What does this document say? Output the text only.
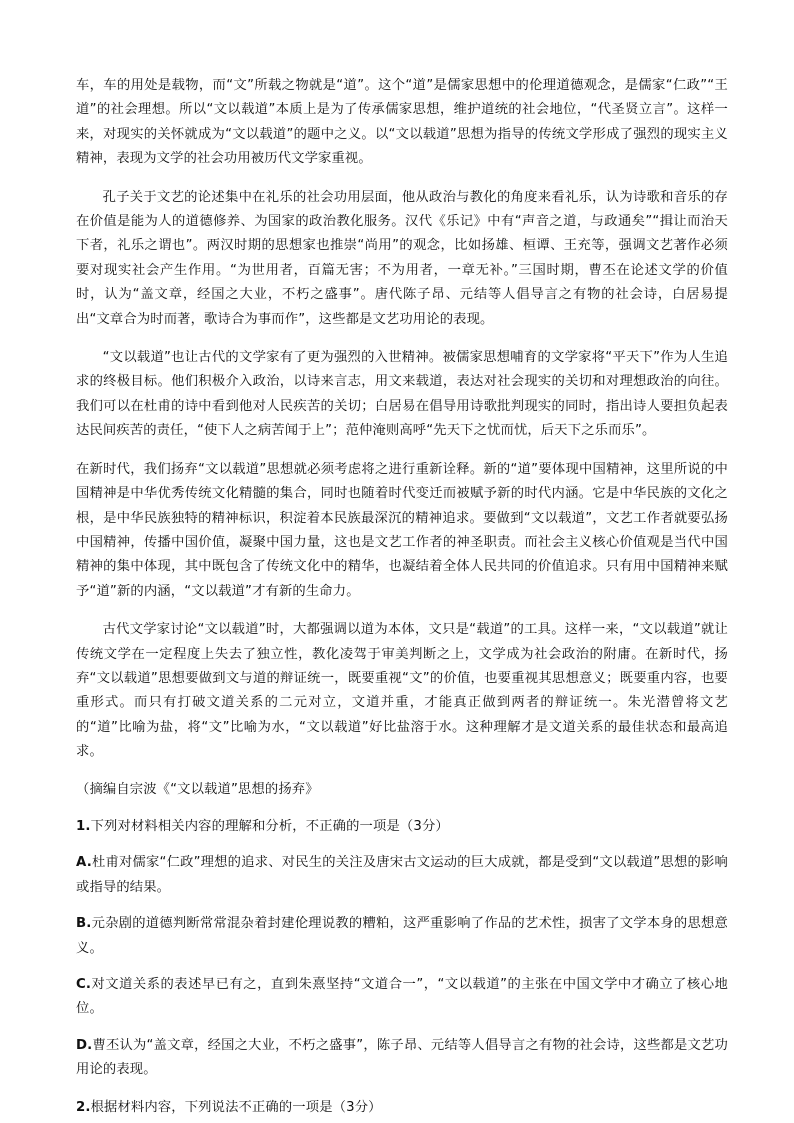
车，车的用处是载物，而“文”所载之物就是“道”。这个“道”是儒家思想中的伦理道德观念，是儒家“仁政”“王道”的社会理想。所以“文以载道”本质上是为了传承儒家思想，维护道统的社会地位，“代圣贤立言”。这样一来，对现实的关怀就成为“文以载道”的题中之义。以“文以载道”思想为指导的传统文学形成了强烈的现实主义精神，表现为文学的社会功用被历代文学家重视。

孔子关于文艺的论述集中在礼乐的社会功用层面，他从政治与教化的角度来看礼乐，认为诗歌和音乐的存在价值是能为人的道德修养、为国家的政治教化服务。汉代《乐记》中有“声音之道，与政通矣”“揖让而治天下者，礼乐之谓也”。两汉时期的思想家也推崇“尚用”的观念，比如扬雄、桓谭、王充等，强调文艺著作必须要对现实社会产生作用。“为世用者，百篇无害；不为用者，一章无补。”三国时期，曹丕在论述文学的价值时，认为“盖文章，经国之大业，不朽之盛事”。唐代陈子昂、元结等人倡导言之有物的社会诗，白居易提出“文章合为时而著，歌诗合为事而作”，这些都是文艺功用论的表现。

“文以载道”也让古代的文学家有了更为强烈的入世精神。被儒家思想哺育的文学家将“平天下”作为人生追求的终极目标。他们积极介入政治，以诗来言志，用文来载道，表达对社会现实的关切和对理想政治的向往。我们可以在杜甫的诗中看到他对人民疾苦的关切；白居易在倡导用诗歌批判现实的同时，指出诗人要担负起表达民间疾苦的责任，“使下人之病苦闻于上”；范仲淹则高呼“先天下之忧而忧，后天下之乐而乐”。

在新时代，我们扬弃“文以载道”思想就必须考虑将之进行重新诠释。新的“道”要体现中国精神，这里所说的中国精神是中华优秀传统文化精髓的集合，同时也随着时代变迁而被赋予新的时代内涵。它是中华民族的文化之根，是中华民族独特的精神标识，积淀着本民族最深沉的精神追求。要做到“文以载道”，文艺工作者就要弘扬中国精神，传播中国价值，凝聚中国力量，这也是文艺工作者的神圣职责。而社会主义核心价值观是当代中国精神的集中体现，其中既包含了传统文化中的精华，也凝结着全体人民共同的价值追求。只有用中国精神来赋予“道”新的内涵，“文以载道”才有新的生命力。

古代文学家讨论“文以载道”时，大都强调以道为本体，文只是“载道”的工具。这样一来，“文以载道”就让传统文学在一定程度上失去了独立性，教化凌驾于审美判断之上，文学成为社会政治的附庸。在新时代，扬弃“文以载道”思想要做到文与道的辩证统一，既要重视“文”的价值，也要重视其思想意义；既要重内容，也要重形式。而只有打破文道关系的二元对立，文道并重，才能真正做到两者的辩证统一。朱光潜曾将文艺的“道”比喻为盐，将“文”比喻为水，“文以载道”好比盐溶于水。这种理解才是文道关系的最佳状态和最高追求。

（摘编自宗波《“文以载道”思想的扬弃》

1.下列对材料相关内容的理解和分析，不正确的一项是（3分）

A.杜甫对儒家“仁政”理想的追求、对民生的关注及唐宋古文运动的巨大成就，都是受到“文以载道”思想的影响或指导的结果。

B.元杂剧的道德判断常常混杂着封建伦理说教的糟粕，这严重影响了作品的艺术性，损害了文学本身的思想意义。

C.对文道关系的表述早已有之，直到朱熹坚持“文道合一”，“文以载道”的主张在中国文学中才确立了核心地位。

D.曹丕认为“盖文章，经国之大业，不朽之盛事”，陈子昂、元结等人倡导言之有物的社会诗，这些都是文艺功用论的表现。

2.根据材料内容，下列说法不正确的一项是（3分）
